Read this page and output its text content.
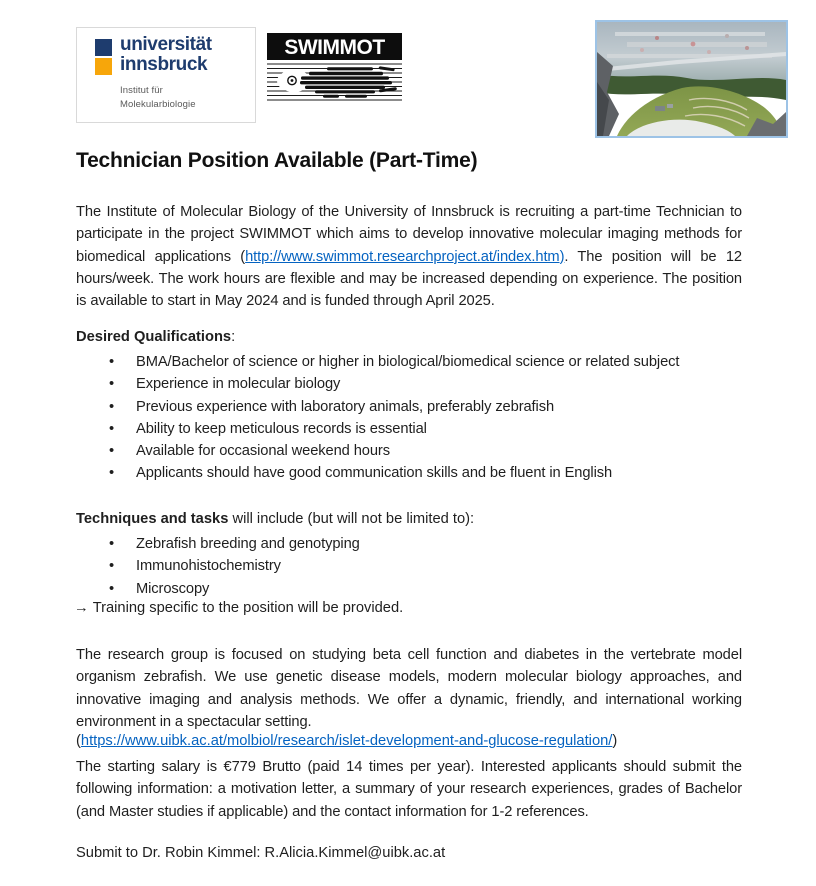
universität
innsbruck
Institut für
Molekularbiologie
SWIMMOT
Technician Position Available (Part-Time)
The Institute of Molecular Biology of the University of Innsbruck is recruiting a part-time Technician to participate in the project SWIMMOT which aims to develop innovative molecular imaging methods for biomedical applications (http://www.swimmot.researchproject.at/index.htm). The position will be 12 hours/week. The work hours are flexible and may be increased depending on experience. The position is available to start in May 2024 and is funded through April 2025.
Desired Qualifications:
• BMA/Bachelor of science or higher in biological/biomedical science or related subject
• Experience in molecular biology
• Previous experience with laboratory animals, preferably zebrafish
• Ability to keep meticulous records is essential
• Available for occasional weekend hours
• Applicants should have good communication skills and be fluent in English
Techniques and tasks will include (but will not be limited to):
• Zebrafish breeding and genotyping
• Immunohistochemistry
• Microscopy
→ Training specific to the position will be provided.
The research group is focused on studying beta cell function and diabetes in the vertebrate model organism zebrafish. We use genetic disease models, modern molecular biology approaches, and innovative imaging and analysis methods. We offer a dynamic, friendly, and international working environment in a spectacular setting.
(https://www.uibk.ac.at/molbiol/research/islet-development-and-glucose-regulation/)
The starting salary is €779 Brutto (paid 14 times per year). Interested applicants should submit the following information: a motivation letter, a summary of your research experiences, grades of Bachelor (and Master studies if applicable) and the contact information for 1-2 references.
Submit to Dr. Robin Kimmel: R.Alicia.Kimmel@uibk.ac.at
